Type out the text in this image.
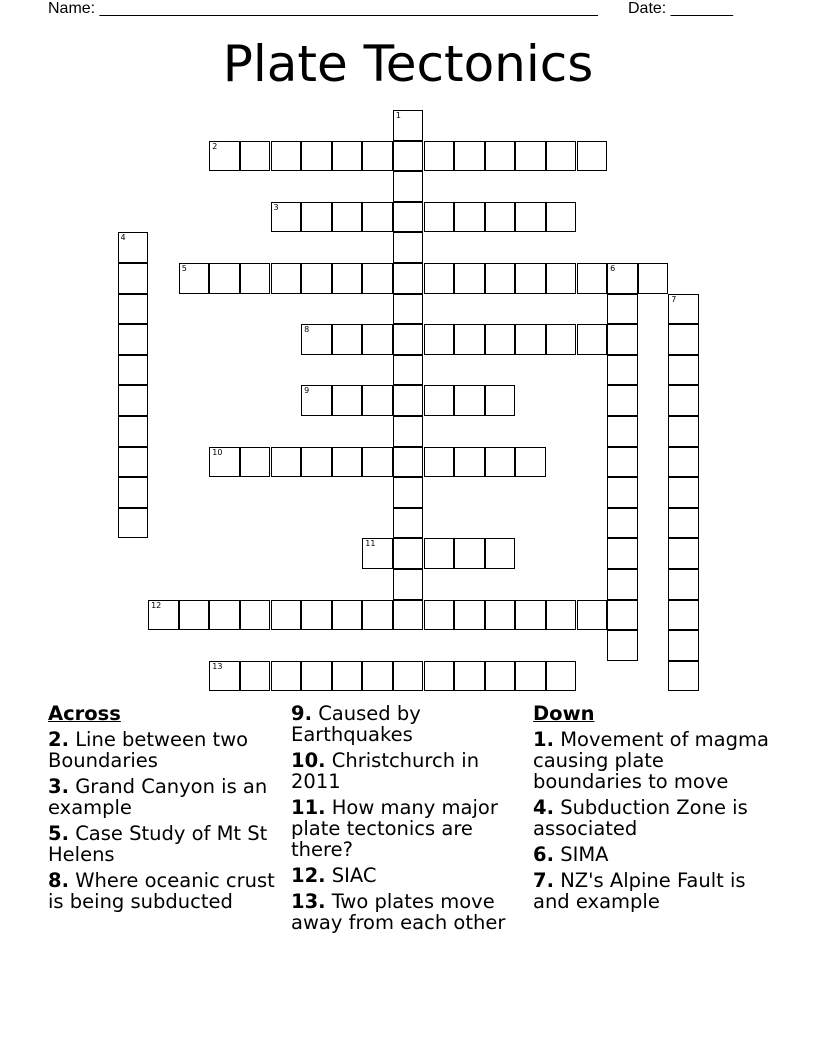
Name: ________________________________________________________ Date: _______
Plate Tectonics
1
2
3
4
5	6
7
8
9
10
11
12
13
Across
2. Line between two Boundaries
3. Grand Canyon is an example
5. Case Study of Mt St Helens
8. Where oceanic crust is being subducted
9. Caused by Earthquakes
10. Christchurch in 2011
11. How many major plate tectonics are there?
12. SIAC
13. Two plates move away from each other
Down
1. Movement of magma causing plate boundaries to move
4. Subduction Zone is associated
6. SIMA
7. NZ's Alpine Fault is and example
